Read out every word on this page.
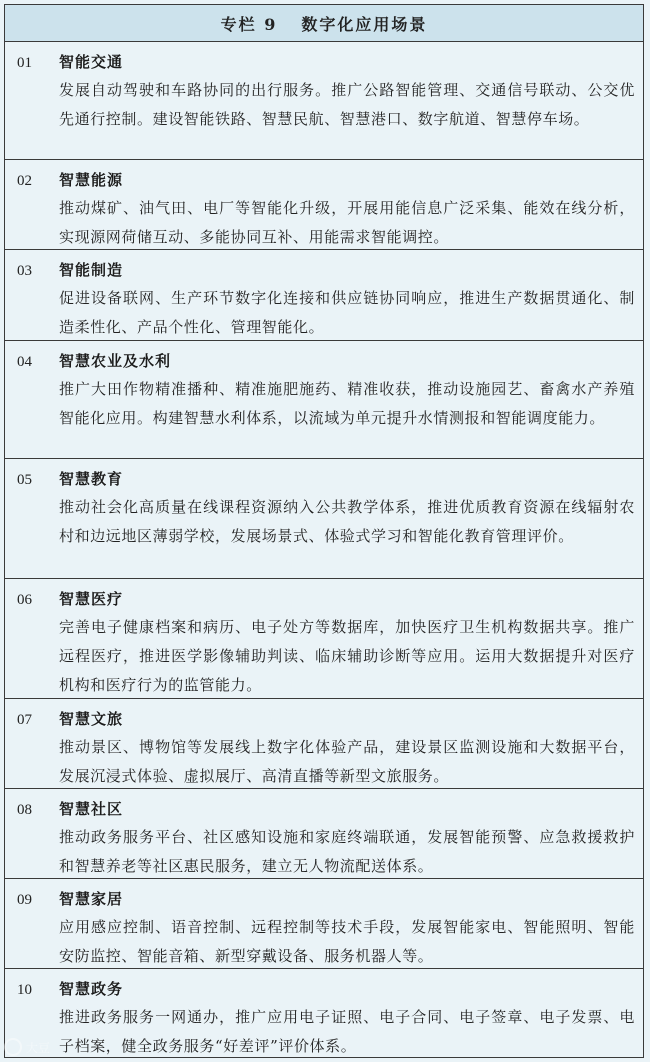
专栏 9 数字化应用场景
01	智能交通
发展自动驾驶和车路协同的出行服务。推广公路智能管理、交通信号联动、公交优先通行控制。建设智能铁路、智慧民航、智慧港口、数字航道、智慧停车场。
02	智慧能源
推动煤矿、油气田、电厂等智能化升级，开展用能信息广泛采集、能效在线分析，实现源网荷储互动、多能协同互补、用能需求智能调控。
03	智能制造
促进设备联网、生产环节数字化连接和供应链协同响应，推进生产数据贯通化、制造柔性化、产品个性化、管理智能化。
04	智慧农业及水利
推广大田作物精准播种、精准施肥施药、精准收获，推动设施园艺、畜禽水产养殖智能化应用。构建智慧水利体系，以流域为单元提升水情测报和智能调度能力。
05	智慧教育
推动社会化高质量在线课程资源纳入公共教学体系，推进优质教育资源在线辐射农村和边远地区薄弱学校，发展场景式、体验式学习和智能化教育管理评价。
06	智慧医疗
完善电子健康档案和病历、电子处方等数据库，加快医疗卫生机构数据共享。推广远程医疗，推进医学影像辅助判读、临床辅助诊断等应用。运用大数据提升对医疗机构和医疗行为的监管能力。
07	智慧文旅
推动景区、博物馆等发展线上数字化体验产品，建设景区监测设施和大数据平台，发展沉浸式体验、虚拟展厅、高清直播等新型文旅服务。
08	智慧社区
推动政务服务平台、社区感知设施和家庭终端联通，发展智能预警、应急救援救护和智慧养老等社区惠民服务，建立无人物流配送体系。
09	智慧家居
应用感应控制、语音控制、远程控制等技术手段，发展智能家电、智能照明、智能安防监控、智能音箱、新型穿戴设备、服务机器人等。
10	智慧政务
推进政务服务一网通办，推广应用电子证照、电子合同、电子签章、电子发票、电子档案，健全政务服务“好差评”评价体系。
大豆
